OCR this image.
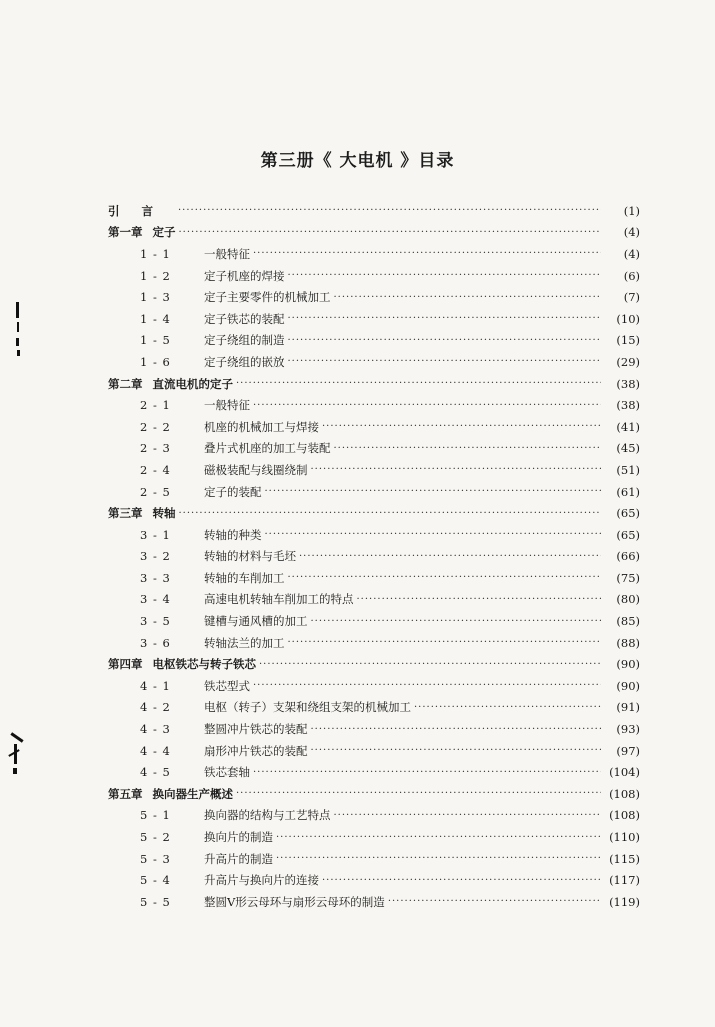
第三册《 大电机 》目录
引言 ·····	(1)
第一章 定子 ·····	(4)
1 - 1	一般特征 ·····	(4)
1 - 2	定子机座的焊接 ·····	(6)
1 - 3	定子主要零件的机械加工 ·····	(7)
1 - 4	定子铁芯的装配 ·····	(10)
1 - 5	定子绕组的制造 ·····	(15)
1 - 6	定子绕组的嵌放 ·····	(29)
第二章 直流电机的定子 ·····	(38)
2 - 1	一般特征 ·····	(38)
2 - 2	机座的机械加工与焊接 ·····	(41)
2 - 3	叠片式机座的加工与装配 ·····	(45)
2 - 4	磁极装配与线圈绕制 ·····	(51)
2 - 5	定子的装配 ·····	(61)
第三章 转轴 ·····	(65)
3 - 1	转轴的种类 ·····	(65)
3 - 2	转轴的材料与毛坯 ·····	(66)
3 - 3	转轴的车削加工 ·····	(75)
3 - 4	高速电机转轴车削加工的特点 ·····	(80)
3 - 5	键槽与通风槽的加工 ·····	(85)
3 - 6	转轴法兰的加工 ·····	(88)
第四章 电枢铁芯与转子铁芯 ·····	(90)
4 - 1	铁芯型式 ·····	(90)
4 - 2	电枢（转子）支架和绕组支架的机械加工 ·····	(91)
4 - 3	整圆冲片铁芯的装配 ·····	(93)
4 - 4	扇形冲片铁芯的装配 ·····	(97)
4 - 5	铁芯套轴 ·····	(104)
第五章 换向器生产概述 ·····	(108)
5 - 1	换向器的结构与工艺特点 ·····	(108)
5 - 2	换向片的制造 ·····	(110)
5 - 3	升高片的制造 ·····	(115)
5 - 4	升高片与换向片的连接 ·····	(117)
5 - 5	整圆V形云母环与扇形云母环的制造 ·····	(119)
